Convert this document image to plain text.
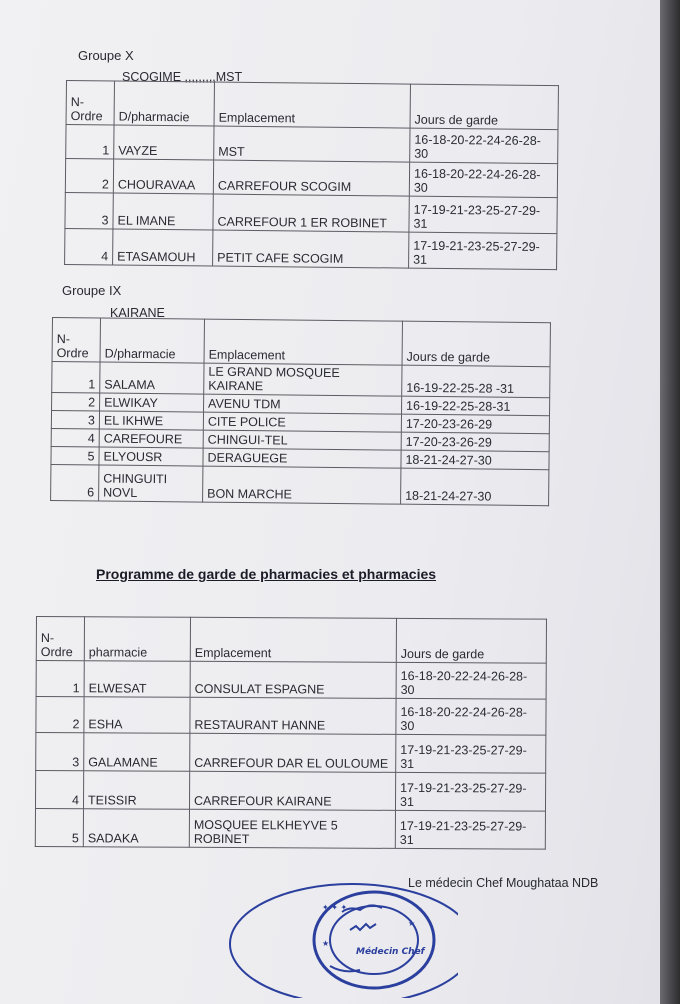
Groupe X
SCOGIME ,,,,,,,,,MST
N-
Ordre	D/pharmacie	Emplacement	Jours de garde
1	VAYZE	MST	16-18-20-22-24-26-28-
30
2	CHOURAVAA	CARREFOUR SCOGIM	16-18-20-22-24-26-28-
30
3	EL IMANE	CARREFOUR 1 ER ROBINET	17-19-21-23-25-27-29-
31
4	ETASAMOUH	PETIT CAFE SCOGIM	17-19-21-23-25-27-29-
31
Groupe IX
KAIRANE
N-
Ordre	D/pharmacie	Emplacement	Jours de garde
1	SALAMA	LE GRAND MOSQUEE KAIRANE	16-19-22-25-28 -31
2	ELWIKAY	AVENU TDM	16-19-22-25-28-31
3	EL IKHWE	CITE POLICE	17-20-23-26-29
4	CAREFOURE	CHINGUI-TEL	17-20-23-26-29
5	ELYOUSR	DERAGUEGE	18-21-24-27-30
6	CHINGUITI
NOVL	BON MARCHE	18-21-24-27-30
Programme de garde de pharmacies et pharmacies
N-
Ordre	pharmacie	Emplacement	Jours de garde
1	ELWESAT	CONSULAT ESPAGNE	16-18-20-22-24-26-28-
30
2	ESHA	RESTAURANT HANNE	16-18-20-22-24-26-28-
30
3	GALAMANE	CARREFOUR DAR EL OULOUME	17-19-21-23-25-27-29-
31
4	TEISSIR	CARREFOUR KAIRANE	17-19-21-23-25-27-29-
31
5	SADAKA	MOSQUEE ELKHEYVE 5 ROBINET	17-19-21-23-25-27-29-
31
Le médecin Chef Moughataa NDB
✦ ✦ ✦
★
★
Médecin Chef
